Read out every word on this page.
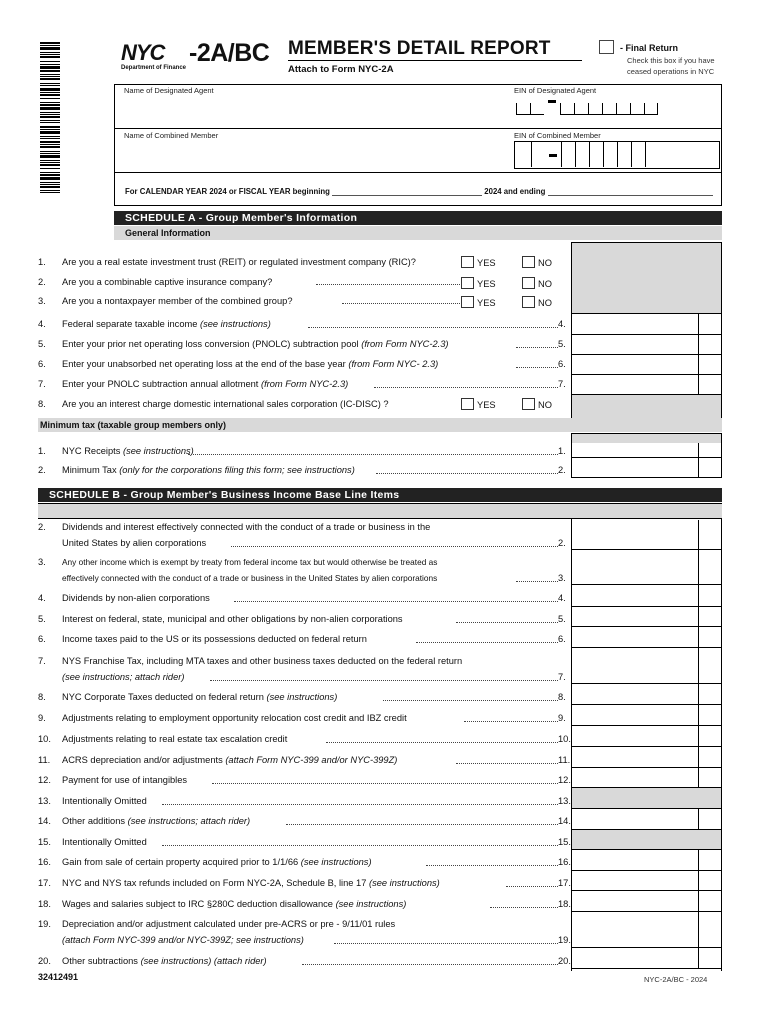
NYC
Department of Finance
-2A/BC MEMBER'S DETAIL REPORT
Attach to Form NYC-2A
- Final Return
Check this box if you have ceased operations in NYC
Name of Designated Agent	EIN of Designated Agent
Name of Combined Member	EIN of Combined Member
For CALENDAR YEAR 2024 or FISCAL YEAR beginning	2024 and ending
SCHEDULE A - Group Member's Information
General Information
1.	Are you a real estate investment trust (REIT) or regulated investment company (RIC)?	YES	NO
2.	Are you a combinable captive insurance company?	YES	NO
3.	Are you a nontaxpayer member of the combined group?	YES	NO
4.	Federal separate taxable income (see instructions)	4.
5.	Enter your prior net operating loss conversion (PNOLC) subtraction pool (from Form NYC-2.3)	5.
6.	Enter your unabsorbed net operating loss at the end of the base year (from Form NYC- 2.3)	6.
7.	Enter your PNOLC subtraction annual allotment (from Form NYC-2.3)	7.
8.	Are you an interest charge domestic international sales corporation (IC-DISC) ?	YES	NO
Minimum tax (taxable group members only)
1.	NYC Receipts (see instructions)	1.
2.	Minimum Tax (only for the corporations filing this form; see instructions)	2.
SCHEDULE B - Group Member's Business Income Base Line Items
2.	Dividends and interest effectively connected with the conduct of a trade or business in the
United States by alien corporations	2.
3.	Any other income which is exempt by treaty from federal income tax but would otherwise be treated as
effectively connected with the conduct of a trade or business in the United States by alien corporations	3.
4.	Dividends by non-alien corporations	4.
5.	Interest on federal, state, municipal and other obligations by non-alien corporations	5.
6.	Income taxes paid to the US or its possessions deducted on federal return	6.
7.	NYS Franchise Tax, including MTA taxes and other business taxes deducted on the federal return
(see instructions; attach rider)	7.
8.	NYC Corporate Taxes deducted on federal return (see instructions)	8.
9.	Adjustments relating to employment opportunity relocation cost credit and IBZ credit	9.
10.	Adjustments relating to real estate tax escalation credit	10.
11.	ACRS depreciation and/or adjustments (attach Form NYC-399 and/or NYC-399Z)	11.
12.	Payment for use of intangibles	12.
13.	Intentionally Omitted	13.
14.	Other additions (see instructions; attach rider)	14.
15.	Intentionally Omitted	15.
16.	Gain from sale of certain property acquired prior to 1/1/66 (see instructions)	16.
17.	NYC and NYS tax refunds included on Form NYC-2A, Schedule B, line 17 (see instructions)	17.
18.	Wages and salaries subject to IRC §280C deduction disallowance (see instructions)	18.
19.	Depreciation and/or adjustment calculated under pre-ACRS or pre - 9/11/01 rules
(attach Form NYC-399 and/or NYC-399Z; see instructions)	19.
20.	Other subtractions (see instructions) (attach rider)	20.
32412491	NYC-2A/BC - 2024
